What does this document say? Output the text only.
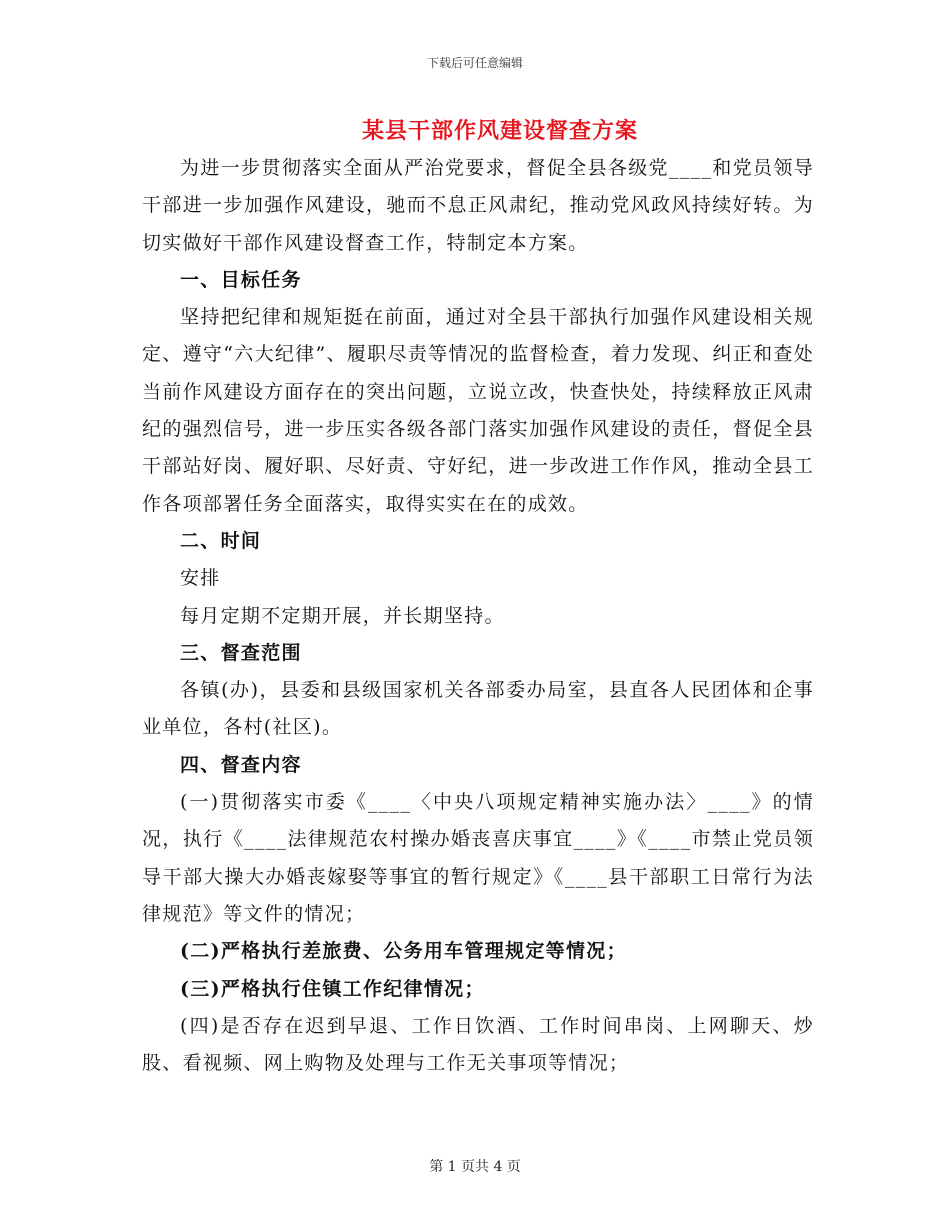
下载后可任意编辑
某县干部作风建设督查方案

为进一步贯彻落实全面从严治党要求，督促全县各级党____和党员领导干部进一步加强作风建设，驰而不息正风肃纪，推动党风政风持续好转。为切实做好干部作风建设督查工作，特制定本方案。

一、目标任务

坚持把纪律和规矩挺在前面，通过对全县干部执行加强作风建设相关规定、遵守“六大纪律”、履职尽责等情况的监督检查，着力发现、纠正和查处当前作风建设方面存在的突出问题，立说立改，快查快处，持续释放正风肃纪的强烈信号，进一步压实各级各部门落实加强作风建设的责任，督促全县干部站好岗、履好职、尽好责、守好纪，进一步改进工作作风，推动全县工作各项部署任务全面落实，取得实实在在的成效。

二、时间

安排

每月定期不定期开展，并长期坚持。

三、督查范围

各镇(办)，县委和县级国家机关各部委办局室，县直各人民团体和企事业单位，各村(社区)。

四、督查内容

(一)贯彻落实市委《____〈中央八项规定精神实施办法〉____》的情况，执行《____法律规范农村操办婚丧喜庆事宜____》《____市禁止党员领导干部大操大办婚丧嫁娶等事宜的暂行规定》《____县干部职工日常行为法律规范》等文件的情况；

(二)严格执行差旅费、公务用车管理规定等情况；

(三)严格执行住镇工作纪律情况；

(四)是否存在迟到早退、工作日饮酒、工作时间串岗、上网聊天、炒股、看视频、网上购物及处理与工作无关事项等情况；

第 1 页共 4 页
